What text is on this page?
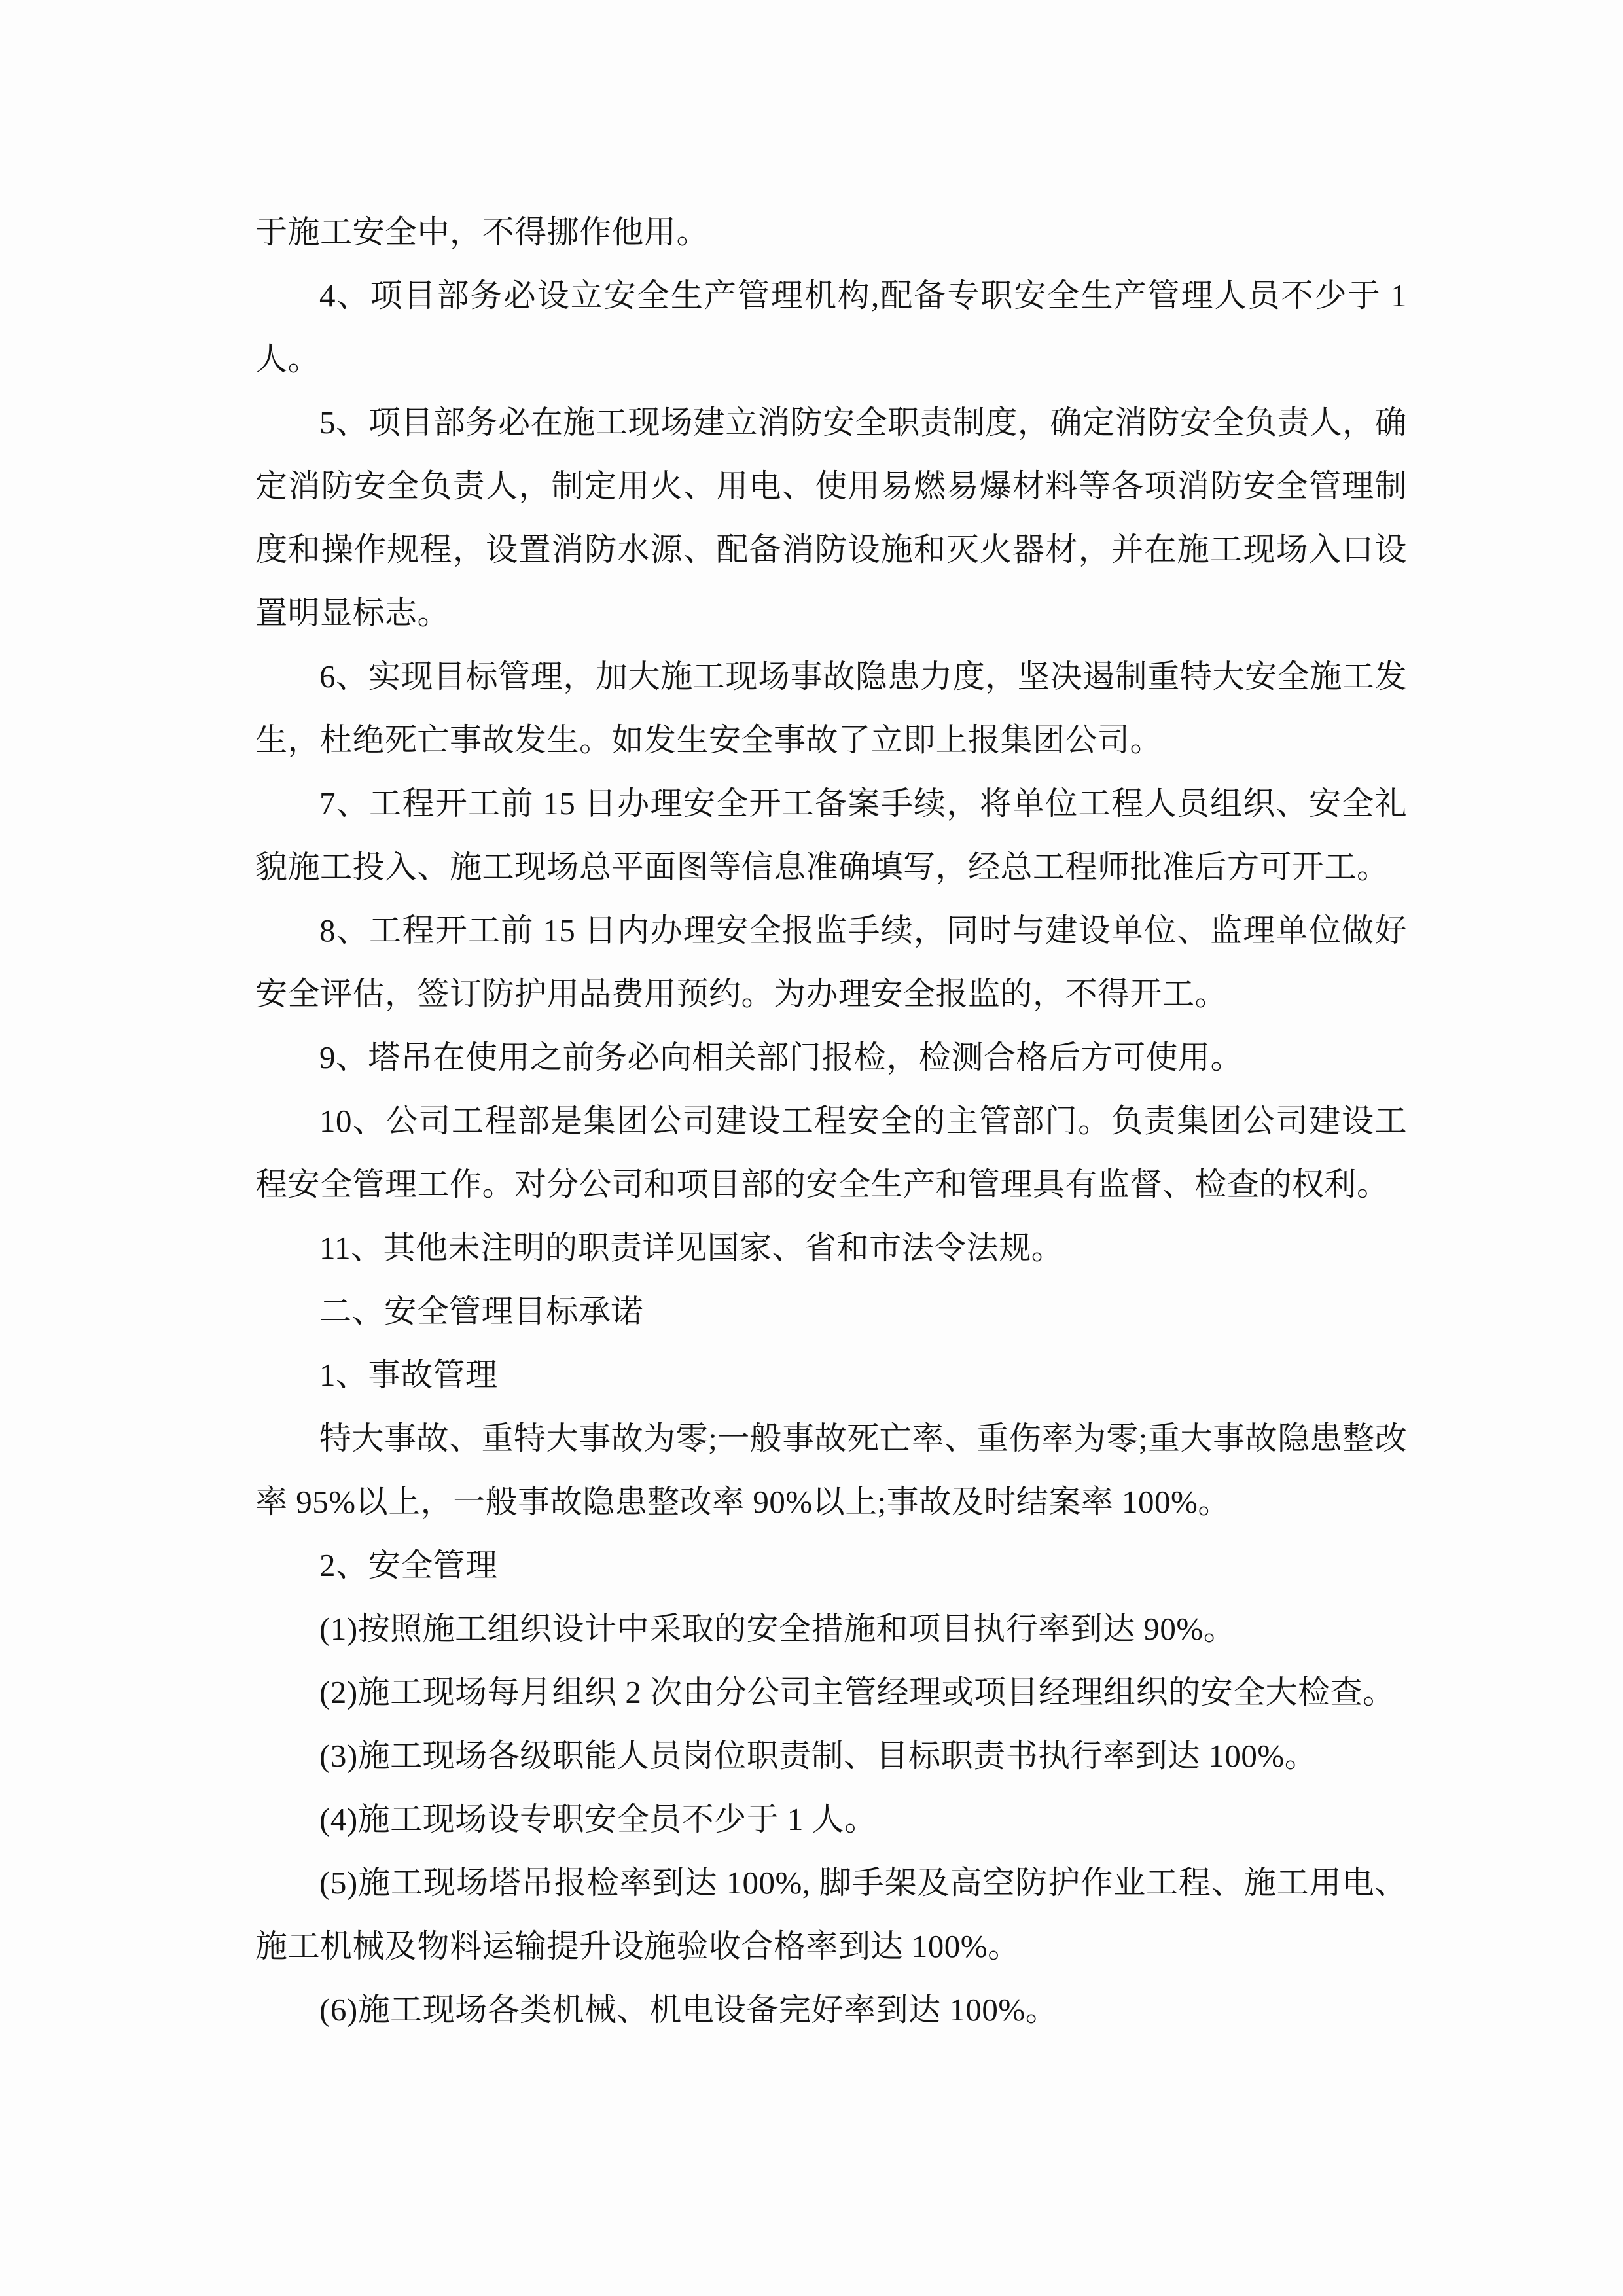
于施工安全中，不得挪作他用。

4、项目部务必设立安全生产管理机构,配备专职安全生产管理人员不少于 1 人。

5、项目部务必在施工现场建立消防安全职责制度，确定消防安全负责人，确定消防安全负责人，制定用火、用电、使用易燃易爆材料等各项消防安全管理制度和操作规程，设置消防水源、配备消防设施和灭火器材，并在施工现场入口设置明显标志。

6、实现目标管理，加大施工现场事故隐患力度，坚决遏制重特大安全施工发生，杜绝死亡事故发生。如发生安全事故了立即上报集团公司。

7、工程开工前 15 日办理安全开工备案手续，将单位工程人员组织、安全礼貌施工投入、施工现场总平面图等信息准确填写，经总工程师批准后方可开工。

8、工程开工前 15 日内办理安全报监手续，同时与建设单位、监理单位做好安全评估，签订防护用品费用预约。为办理安全报监的，不得开工。

9、塔吊在使用之前务必向相关部门报检，检测合格后方可使用。

10、公司工程部是集团公司建设工程安全的主管部门。负责集团公司建设工程安全管理工作。对分公司和项目部的安全生产和管理具有监督、检查的权利。

11、其他未注明的职责详见国家、省和市法令法规。

二、安全管理目标承诺

1、事故管理

特大事故、重特大事故为零;一般事故死亡率、重伤率为零;重大事故隐患整改率 95%以上，一般事故隐患整改率 90%以上;事故及时结案率 100%。

2、安全管理

(1)按照施工组织设计中采取的安全措施和项目执行率到达 90%。

(2)施工现场每月组织 2 次由分公司主管经理或项目经理组织的安全大检查。

(3)施工现场各级职能人员岗位职责制、目标职责书执行率到达 100%。

(4)施工现场设专职安全员不少于 1 人。

(5)施工现场塔吊报检率到达 100%, 脚手架及高空防护作业工程、施工用电、施工机械及物料运输提升设施验收合格率到达 100%。

(6)施工现场各类机械、机电设备完好率到达 100%。
